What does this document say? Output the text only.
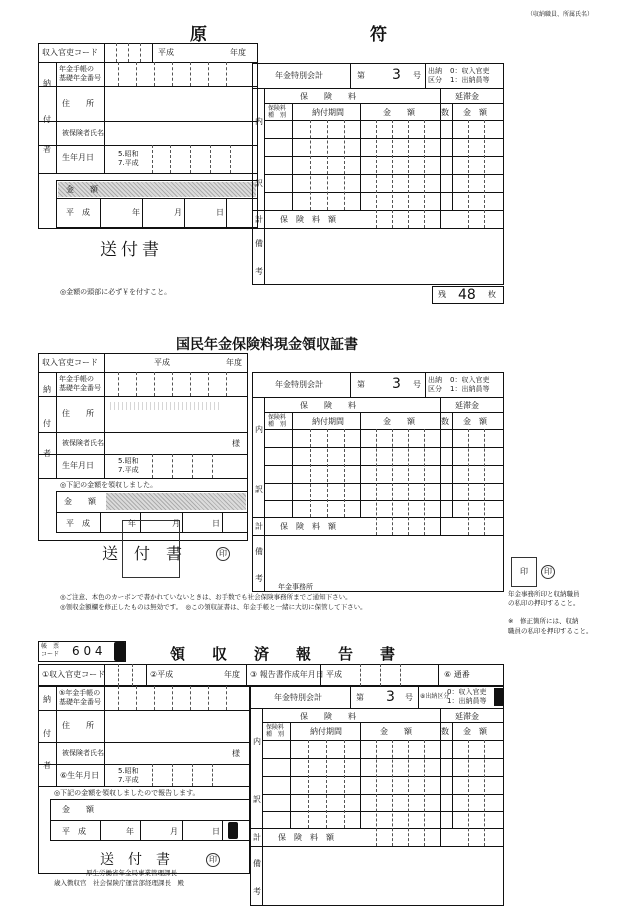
（収納職員、所属氏名）
原　　　　　　　　符
収入官吏コード	平成	年度
納
付
者
年金手帳の
基礎年金番号
住　　所
被保険者氏名
生年月日	5.昭和
7.平成
金　　額
平　成	年	月	日
送付書
年金特別会計	第 3 号 出納
区分
0：収入官吏
1：出納員等
保　　険　　料	延滞金
内
保険料
種　別	納付期間	金　　額	数 金　額
訳
計 保　険　料　額
備
考
◎金額の頭部に必ず￥を付すこと。	残 48 枚
国民年金保険料現金領収証書
収入官吏コード	平成	年度
納
付
者
年金手帳の
基礎年金番号
住　　所
被保険者氏名	様
生年月日	5.昭和
7.平成
◎下記の金額を領収しました。
金　　額
平　成	年	月	日
送　付　書	印
年金特別会計	第 3 号 出納
区分
0：収入官吏
1：出納員等
保　　険　　料	延滞金
内
保険料
種　別	納付期間	金　　額	数 金　額
訳
計 保　険　料　額
備
考
年金事務所
◎ご注意、本色のカーボンで書かれていないときは、お手数でも社会保険事務所までご通知下さい。
◎領収金額欄を修正したものは無効です。　◎この領収証書は、年金手帳と一緒に大切に保管して下さい。
印	印
年金事務所印と収納職員
の私印の押印すること。
※　修正箇所には、収納
職員の私印を押印すること。
帳　票
コード 6 0 4	領　収　済　報　告　書
①収入官吏コード	②平成	年度 ③ 報告書作成年月日 平成	⑥ 通番
納
付
者
⑤年金手帳の
基礎年金番号
住　　所
被保険者氏名	様
⑥生年月日	5.昭和
7.平成
◎下記の金額を領収しましたので報告します。
金　　額
平　成	年	月	日
送　付　書	印
厚生労働省年金局事業管理課長
歳入徴収官　社会保険庁運営部経理課長　殿
年金特別会計	第 3 号 ⑧出納区分
0：収入官吏
1：出納員等
保　　険　　料	延滞金
内
保険料
種　別	納付期間	金　　額	数 金　額
訳
計 保　険　料　額
備
考
